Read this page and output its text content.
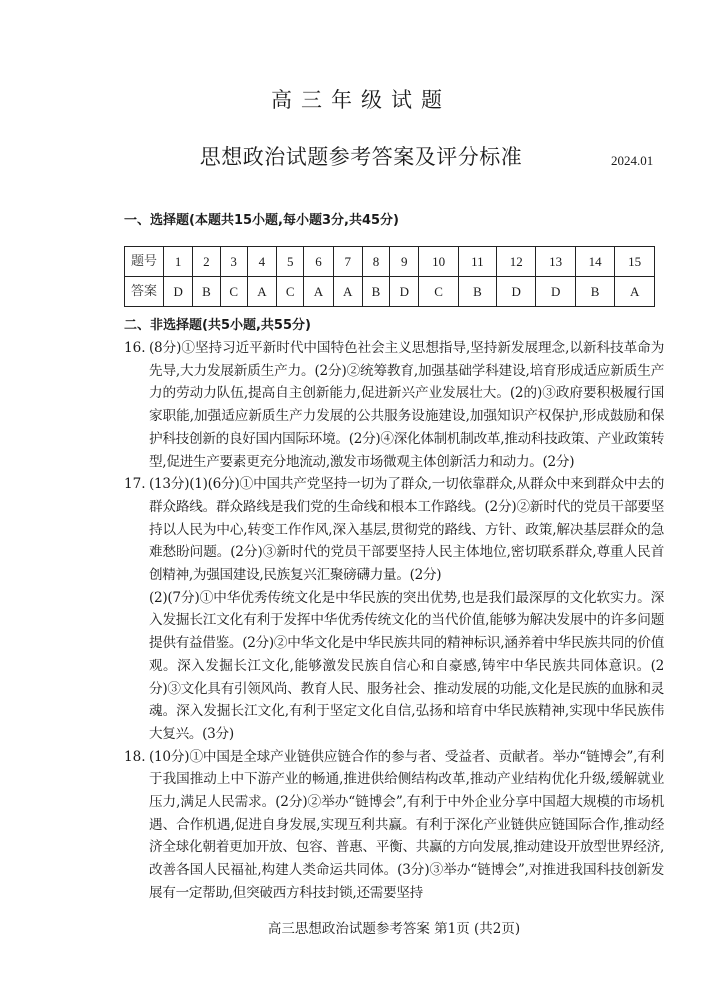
高三年级试题
思想政治试题参考答案及评分标准	2024.01
一、选择题(本题共15小题,每小题3分,共45分)
题号	1	2	3	4	5	6	7	8	9	10	11	12	13	14	15
答案	D	B	C	A	C	A	A	B	D	C	B	D	D	B	A

二、非选择题(共5小题,共55分)

16. (8分)①坚持习近平新时代中国特色社会主义思想指导,坚持新发展理念,以新科技革命为先导,大力发展新质生产力。(2分)②统筹教育,加强基础学科建设,培育形成适应新质生产力的劳动力队伍,提高自主创新能力,促进新兴产业发展壮大。(2的)③政府要积极履行国家职能,加强适应新质生产力发展的公共服务设施建设,加强知识产权保护,形成鼓励和保护科技创新的良好国内国际环境。(2分)④深化体制机制改革,推动科技政策、产业政策转型,促进生产要素更充分地流动,激发市场微观主体创新活力和动力。(2分)
17. (13分)(1)(6分)①中国共产党坚持一切为了群众,一切依靠群众,从群众中来到群众中去的群众路线。群众路线是我们党的生命线和根本工作路线。(2分)②新时代的党员干部要坚持以人民为中心,转变工作作风,深入基层,贯彻党的路线、方针、政策,解决基层群众的急难愁盼问题。(2分)③新时代的党员干部要坚持人民主体地位,密切联系群众,尊重人民首创精神,为强国建设,民族复兴汇聚磅礴力量。(2分)

(2)(7分)①中华优秀传统文化是中华民族的突出优势,也是我们最深厚的文化软实力。深入发掘长江文化有利于发挥中华优秀传统文化的当代价值,能够为解决发展中的许多问题提供有益借鉴。(2分)②中华文化是中华民族共同的精神标识,涵养着中华民族共同的价值观。深入发掘长江文化,能够激发民族自信心和自豪感,铸牢中华民族共同体意识。(2分)③文化具有引领风尚、教育人民、服务社会、推动发展的功能,文化是民族的血脉和灵魂。深入发掘长江文化,有利于坚定文化自信,弘扬和培育中华民族精神,实现中华民族伟大复兴。(3分)

18. (10分)①中国是全球产业链供应链合作的参与者、受益者、贡献者。举办“链博会”,有利于我国推动上中下游产业的畅通,推进供给侧结构改革,推动产业结构优化升级,缓解就业压力,满足人民需求。(2分)②举办“链博会”,有利于中外企业分享中国超大规模的市场机遇、合作机遇,促进自身发展,实现互利共赢。有利于深化产业链供应链国际合作,推动经济全球化朝着更加开放、包容、普惠、平衡、共赢的方向发展,推动建设开放型世界经济,改善各国人民福祉,构建人类命运共同体。(3分)③举办“链博会”,对推进我国科技创新发展有一定帮助,但突破西方科技封锁,还需要坚持
高三思想政治试题参考答案 第1页 (共2页)
